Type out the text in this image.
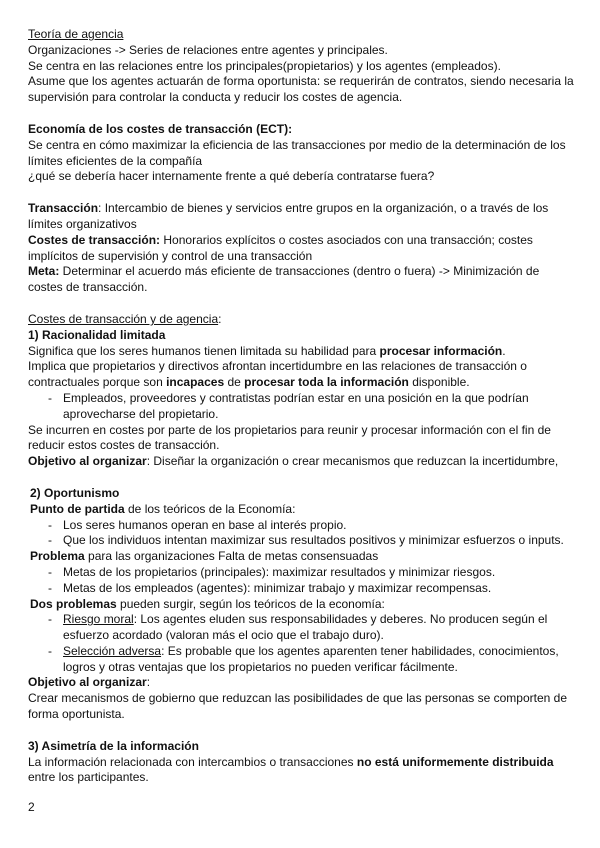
Teoría de agencia

Organizaciones -> Series de relaciones entre agentes y principales.

Se centra en las relaciones entre los principales(propietarios) y los agentes (empleados).

Asume que los agentes actuarán de forma oportunista: se requerirán de contratos, siendo necesaria la supervisión para controlar la conducta y reducir los costes de agencia.

Economía de los costes de transacción (ECT):

Se centra en cómo maximizar la eficiencia de las transacciones por medio de la determinación de los límites eficientes de la compañía

¿qué se debería hacer internamente frente a qué debería contratarse fuera?

Transacción: Intercambio de bienes y servicios entre grupos en la organización, o a través de los límites organizativos

Costes de transacción: Honorarios explícitos o costes asociados con una transacción; costes implícitos de supervisión y control de una transacción

Meta: Determinar el acuerdo más eficiente de transacciones (dentro o fuera) -> Minimización de costes de transacción.

Costes de transacción y de agencia:

1) Racionalidad limitada

Significa que los seres humanos tienen limitada su habilidad para procesar información.

Implica que propietarios y directivos afrontan incertidumbre en las relaciones de transacción o contractuales porque son incapaces de procesar toda la información disponible.

- Empleados, proveedores y contratistas podrían estar en una posición en la que podrían aprovecharse del propietario.

Se incurren en costes por parte de los propietarios para reunir y procesar información con el fin de reducir estos costes de transacción.

Objetivo al organizar: Diseñar la organización o crear mecanismos que reduzcan la incertidumbre,

2) Oportunismo

Punto de partida de los teóricos de la Economía:

- Los seres humanos operan en base al interés propio.
- Que los individuos intentan maximizar sus resultados positivos y minimizar esfuerzos o inputs.

Problema para las organizaciones Falta de metas consensuadas

- Metas de los propietarios (principales): maximizar resultados y minimizar riesgos.
- Metas de los empleados (agentes): minimizar trabajo y maximizar recompensas.

Dos problemas pueden surgir, según los teóricos de la economía:

- Riesgo moral: Los agentes eluden sus responsabilidades y deberes. No producen según el esfuerzo acordado (valoran más el ocio que el trabajo duro).
- Selección adversa: Es probable que los agentes aparenten tener habilidades, conocimientos, logros y otras ventajas que los propietarios no pueden verificar fácilmente.

Objetivo al organizar:

Crear mecanismos de gobierno que reduzcan las posibilidades de que las personas se comporten de forma oportunista.

3) Asimetría de la información

La información relacionada con intercambios o transacciones no está uniformemente distribuida entre los participantes.

2
